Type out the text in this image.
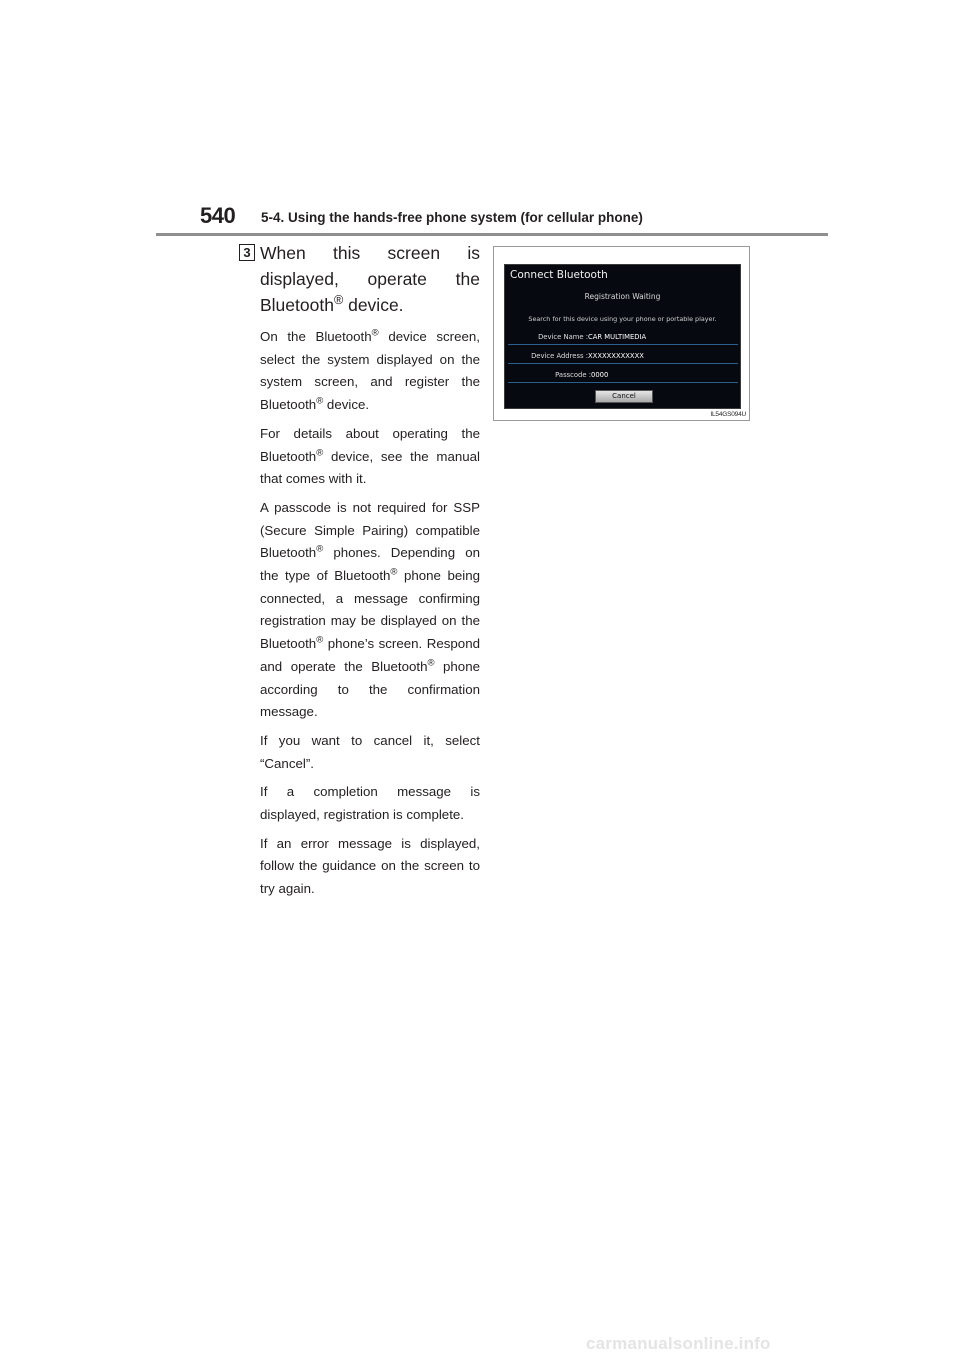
540 5-4. Using the hands-free phone system (for cellular phone)
3 When this screen is displayed, operate the Bluetooth® device.

On the Bluetooth® device screen, select the system displayed on the system screen, and register the Bluetooth® device.

For details about operating the Bluetooth® device, see the manual that comes with it.

A passcode is not required for SSP (Secure Simple Pairing) compatible Bluetooth® phones. Depending on the type of Bluetooth® phone being connected, a message confirming registration may be displayed on the Bluetooth® phone’s screen. Respond and operate the Bluetooth® phone according to the confirmation message.

If you want to cancel it, select “Cancel”.

If a completion message is displayed, registration is complete.

If an error message is displayed, follow the guidance on the screen to try again.

Connect Bluetooth
Registration Waiting
Search for this device using your phone or portable player.
Device Name :CAR MULTIMEDIA
Device Address :XXXXXXXXXXXX
Passcode :0000
Cancel
IL54GS094U
carmanualsonline.info
